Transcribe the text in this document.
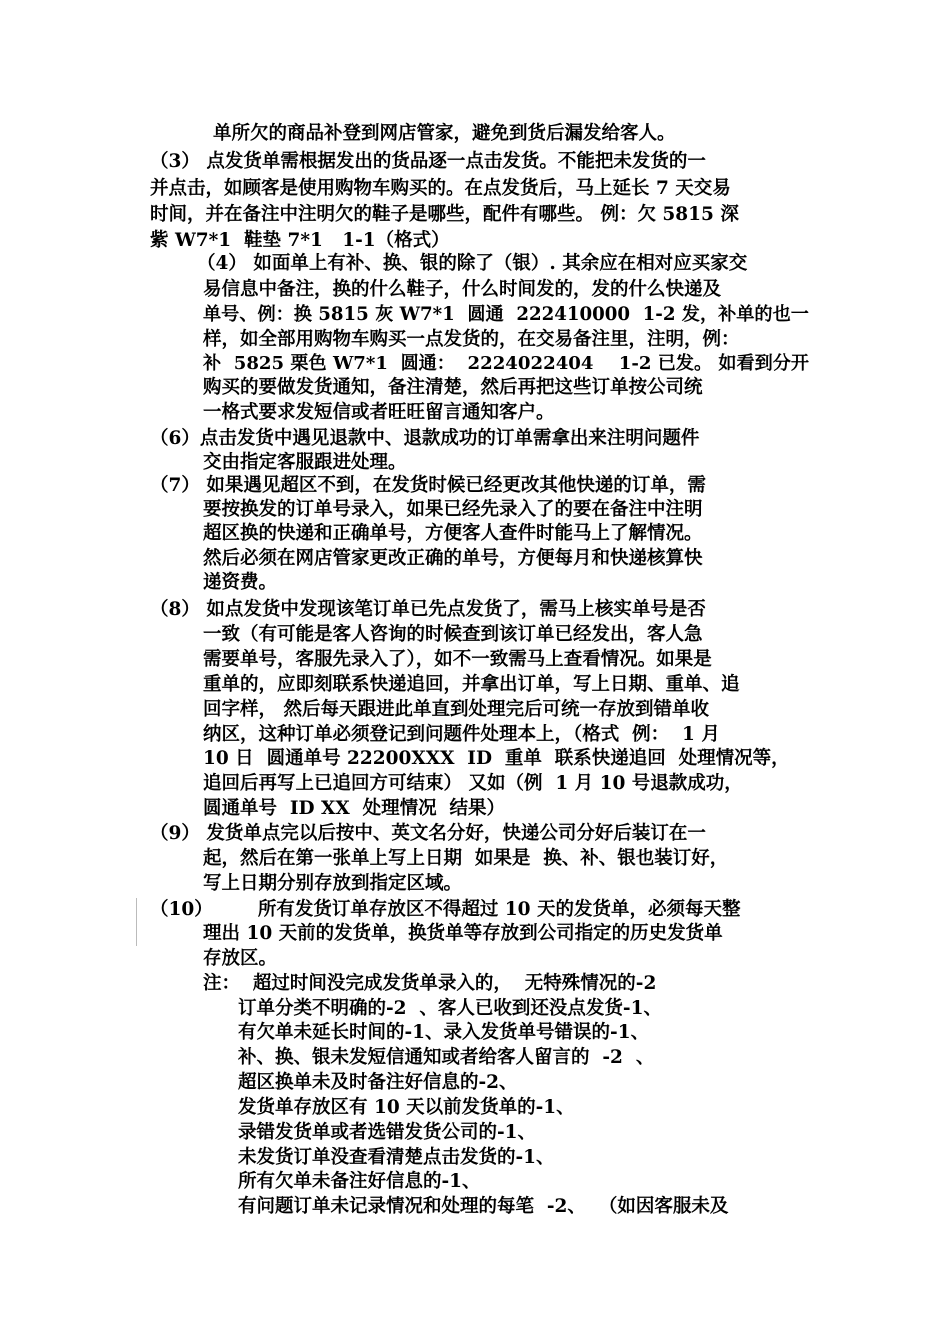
单所欠的商品补登到网店管家，避免到货后漏发给客人。

（3） 点发货单需根据发出的货品逐一点击发货。不能把未发货的一

并点击，如顾客是使用购物车购买的。在点发货后，马上延长 7 天交易

时间，并在备注中注明欠的鞋子是哪些，配件有哪些。 例：欠 5815 深

紫 W7*1  鞋垫 7*1   1-1（格式）

（4） 如面单上有补、换、银的除了（银）. 其余应在相对应买家交

易信息中备注，换的什么鞋子，什么时间发的，发的什么快递及

单号、例：换 5815 灰 W7*1  圆通  222410000  1-2 发，补单的也一

样，如全部用购物车购买一点发货的，在交易备注里，注明，例：

补  5825 栗色 W7*1  圆通：  2224022404    1-2 已发。 如看到分开

购买的要做发货通知，备注清楚，然后再把这些订单按公司统

一格式要求发短信或者旺旺留言通知客户。

（6）点击发货中遇见退款中、退款成功的订单需拿出来注明问题件

交由指定客服跟进处理。

（7） 如果遇见超区不到，在发货时候已经更改其他快递的订单，需

要按换发的订单号录入，如果已经先录入了的要在备注中注明

超区换的快递和正确单号，方便客人查件时能马上了解情况。

然后必须在网店管家更改正确的单号，方便每月和快递核算快

递资费。

（8） 如点发货中发现该笔订单已先点发货了，需马上核实单号是否

一致（有可能是客人咨询的时候查到该订单已经发出，客人急

需要单号，客服先录入了），如不一致需马上查看情况。如果是

重单的，应即刻联系快递追回，并拿出订单，写上日期、重单、追

回字样， 然后每天跟进此单直到处理完后可统一存放到错单收

纳区，这种订单必须登记到问题件处理本上，（格式  例：  1 月

10 日  圆通单号 22200XXX  ID  重单  联系快递追回  处理情况等，

追回后再写上已追回方可结束） 又如（例  1 月 10 号退款成功，

圆通单号  ID XX  处理情况  结果）

（9） 发货单点完以后按中、英文名分好，快递公司分好后装订在一

起，然后在第一张单上写上日期  如果是  换、补、银也装订好，

写上日期分别存放到指定区域。

（10）       所有发货订单存放区不得超过 10 天的发货单，必须每天整

理出 10 天前的发货单，换货单等存放到公司指定的历史发货单

存放区。

注：  超过时间没完成发货单录入的，  无特殊情况的-2

订单分类不明确的-2  、客人已收到还没点发货-1、

有欠单未延长时间的-1、录入发货单号错误的-1、

补、换、银未发短信通知或者给客人留言的  -2  、

超区换单未及时备注好信息的-2、

发货单存放区有 10 天以前发货单的-1、

录错发货单或者选错发货公司的-1、

未发货订单没查看清楚点击发货的-1、

所有欠单未备注好信息的-1、

有问题订单未记录情况和处理的每笔  -2、  （如因客服未及
